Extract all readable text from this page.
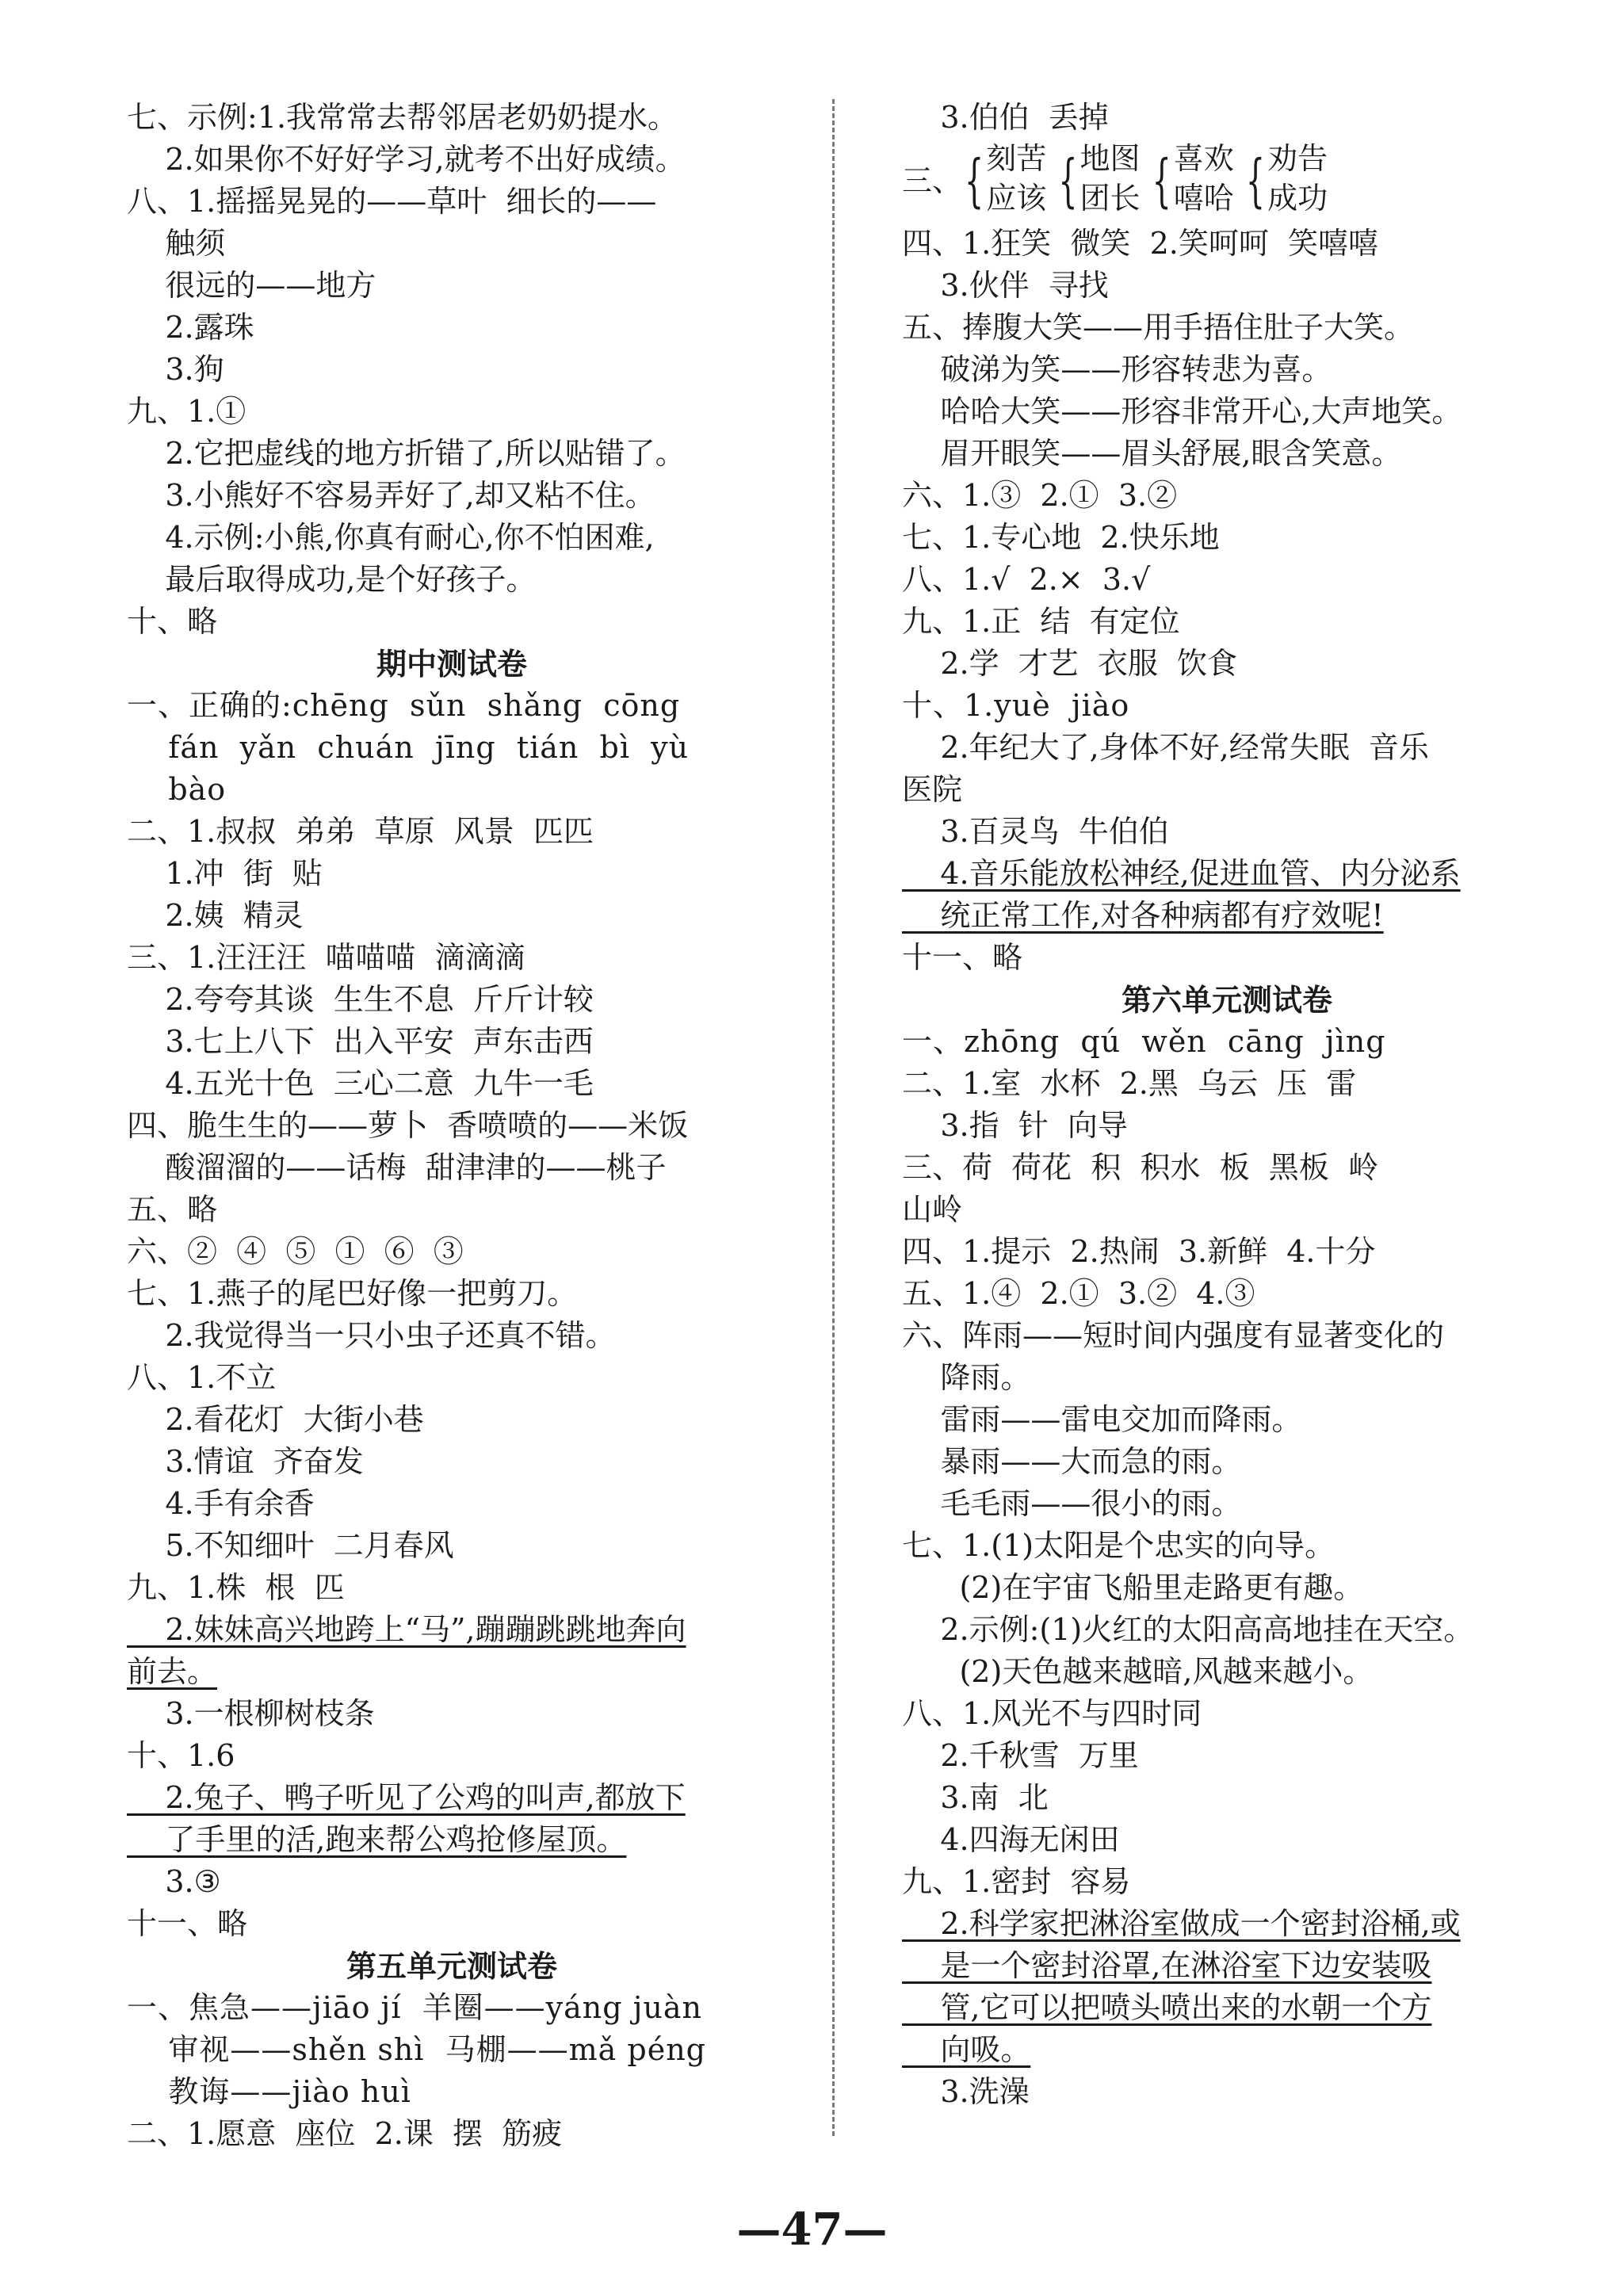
七、示例:1.我常常去帮邻居老奶奶提水。
2.如果你不好好学习,就考不出好成绩。
八、1.摇摇晃晃的——草叶  细长的——
触须
很远的——地方
2.露珠
3.狗
九、1.①
2.它把虚线的地方折错了,所以贴错了。
3.小熊好不容易弄好了,却又粘不住。
4.示例:小熊,你真有耐心,你不怕困难,
最后取得成功,是个好孩子。
十、略
期中测试卷
一、正确的:chēng  sǔn  shǎng  cōng
fán  yǎn  chuán  jīng  tián  bì  yù
bào
二、1.叔叔  弟弟  草原  风景  匹匹
1.冲  街  贴
2.姨  精灵
三、1.汪汪汪  喵喵喵  滴滴滴
2.夸夸其谈  生生不息  斤斤计较
3.七上八下  出入平安  声东击西
4.五光十色  三心二意  九牛一毛
四、脆生生的——萝卜  香喷喷的——米饭
酸溜溜的——话梅  甜津津的——桃子
五、略
六、②  ④  ⑤  ①  ⑥  ③
七、1.燕子的尾巴好像一把剪刀。
2.我觉得当一只小虫子还真不错。
八、1.不立
2.看花灯  大街小巷
3.情谊  齐奋发
4.手有余香
5.不知细叶  二月春风
九、1.株  根  匹
2.妹妹高兴地跨上“马”,蹦蹦跳跳地奔向
前去。
3.一根柳树枝条
十、1.6
2.兔子、鸭子听见了公鸡的叫声,都放下
了手里的活,跑来帮公鸡抢修屋顶。
3.③
十一、略
第五单元测试卷
一、焦急——jiāo jí  羊圈——yáng juàn
审视——shěn shì  马棚——mǎ péng
教诲——jiào huì
二、1.愿意  座位  2.课  摆  筋疲
3.伯伯  丢掉
三、{ 刻苦
应该 { 地图
团长 { 喜欢
嘻哈 { 劝告
成功

四、1.狂笑  微笑  2.笑呵呵  笑嘻嘻
3.伙伴  寻找
五、捧腹大笑——用手捂住肚子大笑。
破涕为笑——形容转悲为喜。
哈哈大笑——形容非常开心,大声地笑。
眉开眼笑——眉头舒展,眼含笑意。
六、1.③  2.①  3.②
七、1.专心地  2.快乐地
八、1.√  2.×  3.√
九、1.正  结  有定位
2.学  才艺  衣服  饮食
十、1.yuè  jiào
2.年纪大了,身体不好,经常失眠  音乐
医院
3.百灵鸟  牛伯伯
4.音乐能放松神经,促进血管、内分泌系
统正常工作,对各种病都有疗效呢!
十一、略
第六单元测试卷
一、zhōng  qú  wěn  cāng  jìng
二、1.室  水杯  2.黑  乌云  压  雷
3.指  针  向导
三、荷  荷花  积  积水  板  黑板  岭
山岭
四、1.提示  2.热闹  3.新鲜  4.十分
五、1.④  2.①  3.②  4.③
六、阵雨——短时间内强度有显著变化的
降雨。
雷雨——雷电交加而降雨。
暴雨——大而急的雨。
毛毛雨——很小的雨。
七、1.(1)太阳是个忠实的向导。
(2)在宇宙飞船里走路更有趣。
2.示例:(1)火红的太阳高高地挂在天空。
(2)天色越来越暗,风越来越小。
八、1.风光不与四时同
2.千秋雪  万里
3.南  北
4.四海无闲田
九、1.密封  容易
2.科学家把淋浴室做成一个密封浴桶,或
是一个密封浴罩,在淋浴室下边安装吸
管,它可以把喷头喷出来的水朝一个方
向吸。
3.洗澡
—47—
